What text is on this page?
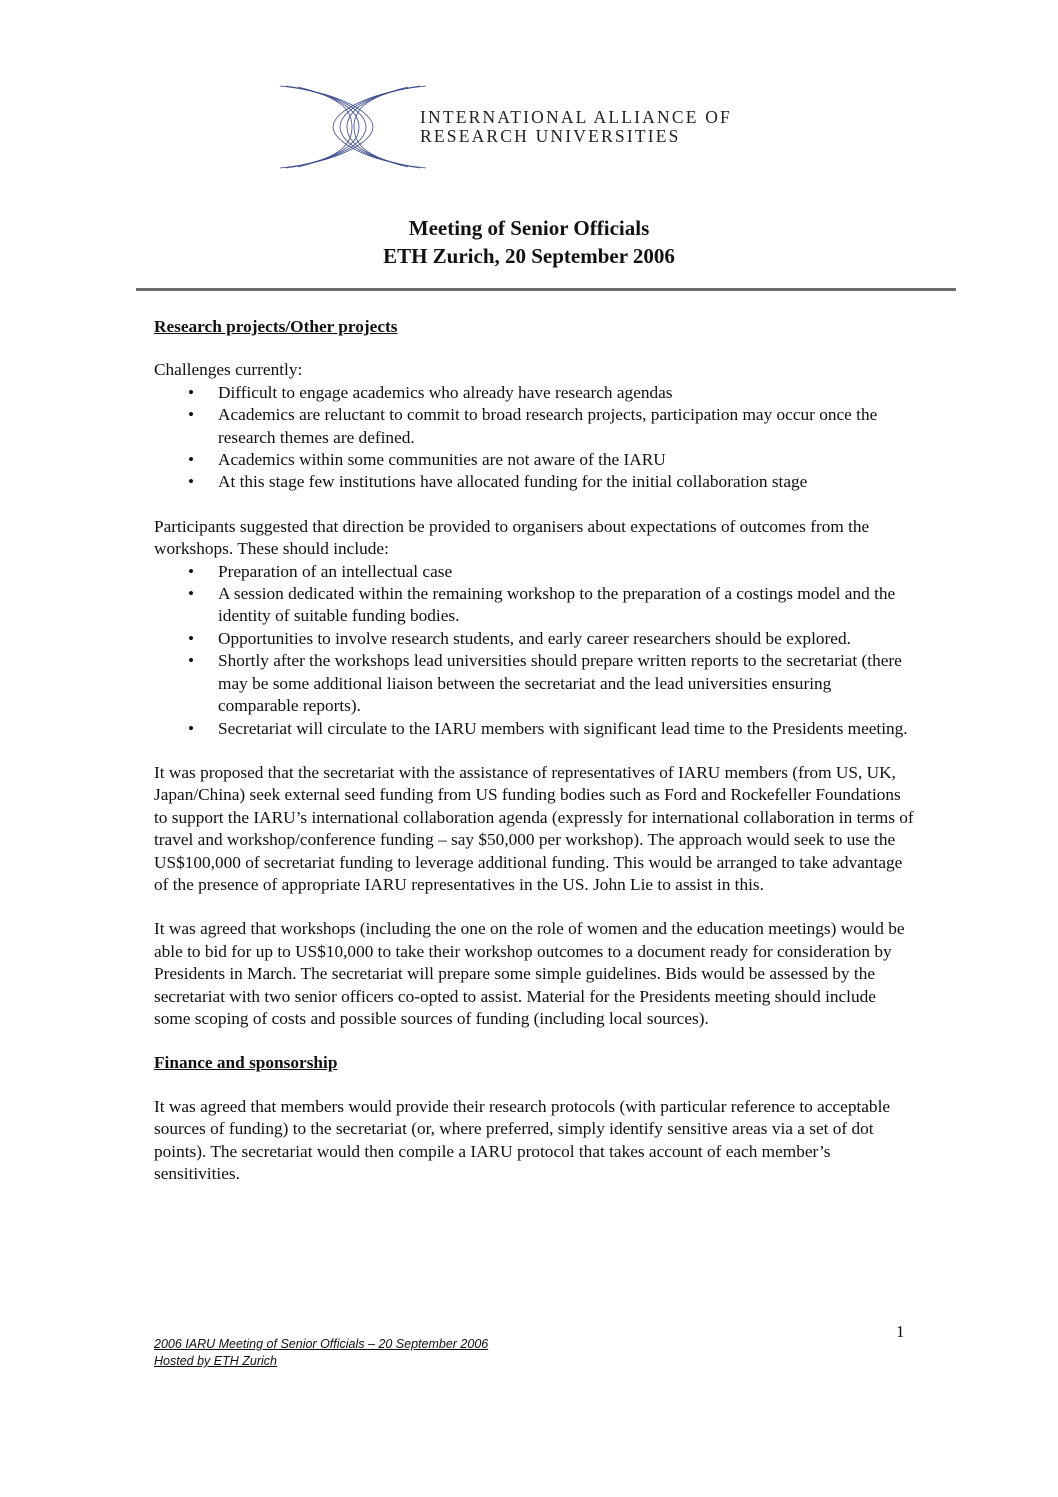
INTERNATIONAL ALLIANCE OF
RESEARCH UNIVERSITIES
Meeting of Senior Officials
ETH Zurich, 20 September 2006
Research projects/Other projects

Challenges currently:

• Difficult to engage academics who already have research agendas
• Academics are reluctant to commit to broad research projects, participation may occur once the research themes are defined.
• Academics within some communities are not aware of the IARU
• At this stage few institutions have allocated funding for the initial collaboration stage

Participants suggested that direction be provided to organisers about expectations of outcomes from the workshops. These should include:

• Preparation of an intellectual case
• A session dedicated within the remaining workshop to the preparation of a costings model and the identity of suitable funding bodies.
• Opportunities to involve research students, and early career researchers should be explored.
• Shortly after the workshops lead universities should prepare written reports to the secretariat (there may be some additional liaison between the secretariat and the lead universities ensuring comparable reports).
• Secretariat will circulate to the IARU members with significant lead time to the Presidents meeting.

It was proposed that the secretariat with the assistance of representatives of IARU members (from US, UK, Japan/China) seek external seed funding from US funding bodies such as Ford and Rockefeller Foundations to support the IARU’s international collaboration agenda (expressly for international collaboration in terms of travel and workshop/conference funding – say $50,000 per workshop). The approach would seek to use the US$100,000 of secretariat funding to leverage additional funding. This would be arranged to take advantage of the presence of appropriate IARU representatives in the US. John Lie to assist in this.

It was agreed that workshops (including the one on the role of women and the education meetings) would be able to bid for up to US$10,000 to take their workshop outcomes to a document ready for consideration by Presidents in March. The secretariat will prepare some simple guidelines. Bids would be assessed by the secretariat with two senior officers co-opted to assist. Material for the Presidents meeting should include some scoping of costs and possible sources of funding (including local sources).

Finance and sponsorship

It was agreed that members would provide their research protocols (with particular reference to acceptable sources of funding) to the secretariat (or, where preferred, simply identify sensitive areas via a set of dot points). The secretariat would then compile a IARU protocol that takes account of each member’s sensitivities.

1
2006 IARU Meeting of Senior Officials – 20 September 2006
Hosted by ETH Zurich
